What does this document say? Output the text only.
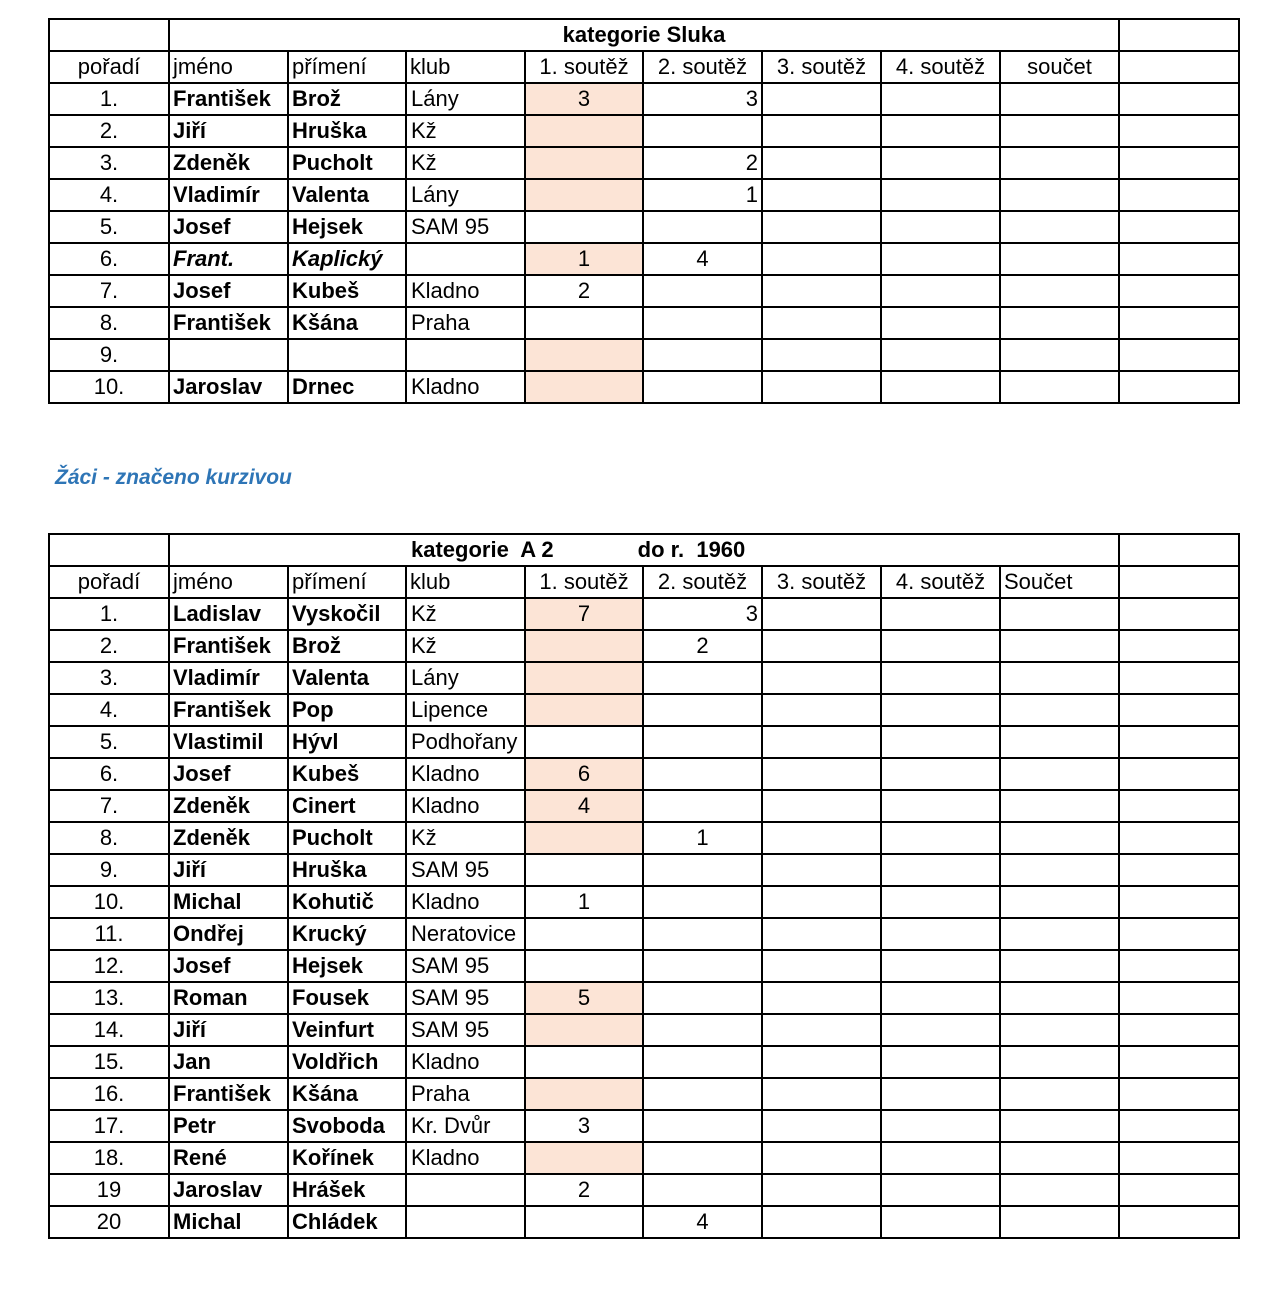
	kategorie Sluka								
pořadí	jméno	přímení	klub	1. soutěž	2. soutěž	3. soutěž	4. soutěž	součet	
1.	František	Brož	Lány	3	3				
2.	Jiří	Hruška	Kž						
3.	Zdeněk	Pucholt	Kž		2				
4.	Vladimír	Valenta	Lány		1				
5.	Josef	Hejsek	SAM 95						
6.	Frant.	Kaplický		1	4				
7.	Josef	Kubeš	Kladno	2					
8.	František	Kšána	Praha						
9.									
10.	Jaroslav	Drnec	Kladno						
Žáci - značeno kurzivou
	kategorie  A 2 do r.  1960								
pořadí	jméno	přímení	klub	1. soutěž	2. soutěž	3. soutěž	4. soutěž	Součet	
1.	Ladislav	Vyskočil	Kž	7	3				
2.	František	Brož	Kž		2				
3.	Vladimír	Valenta	Lány						
4.	František	Pop	Lipence						
5.	Vlastimil	Hývl	Podhořany						
6.	Josef	Kubeš	Kladno	6					
7.	Zdeněk	Cinert	Kladno	4					
8.	Zdeněk	Pucholt	Kž		1				
9.	Jiří	Hruška	SAM 95						
10.	Michal	Kohutič	Kladno	1					
11.	Ondřej	Krucký	Neratovice						
12.	Josef	Hejsek	SAM 95						
13.	Roman	Fousek	SAM 95	5					
14.	Jiří	Veinfurt	SAM 95						
15.	Jan	Voldřich	Kladno						
16.	František	Kšána	Praha						
17.	Petr	Svoboda	Kr. Dvůr	3					
18.	René	Kořínek	Kladno						
19	Jaroslav	Hrášek		2					
20	Michal	Chládek			4				
